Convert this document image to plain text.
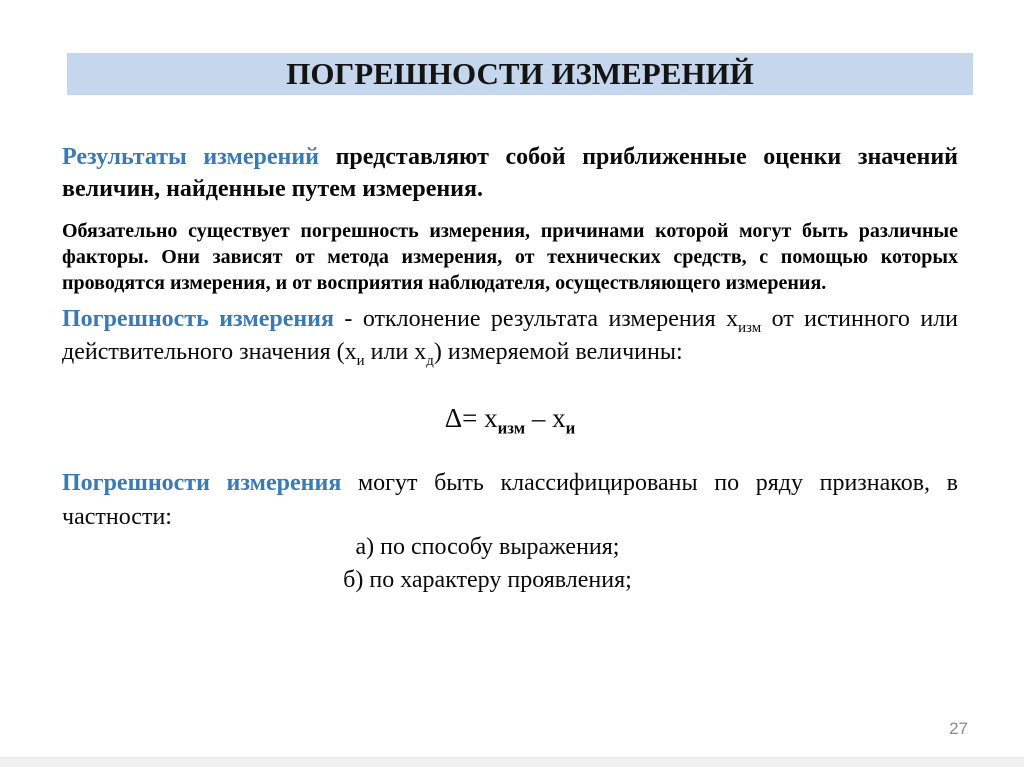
ПОГРЕШНОСТИ ИЗМЕРЕНИЙ
Результаты измерений представляют собой приближенные оценки значений величин, найденные путем измерения.
Обязательно существует погрешность измерения, причинами которой могут быть различные факторы. Они зависят от метода измерения, от технических средств, с помощью которых проводятся измерения, и от восприятия наблюдателя, осуществляющего измерения.
Погрешность измерения - отклонение результата измерения $х_{изм}$ от истинного или действительного значения ($х_и$ или $х_д$) измеряемой величины:
$\Delta= х_{изм} - х_и$
Погрешности измерения могут быть классифицированы по ряду признаков, в частности:
а) по способу выражения;
б) по характеру проявления;
27
